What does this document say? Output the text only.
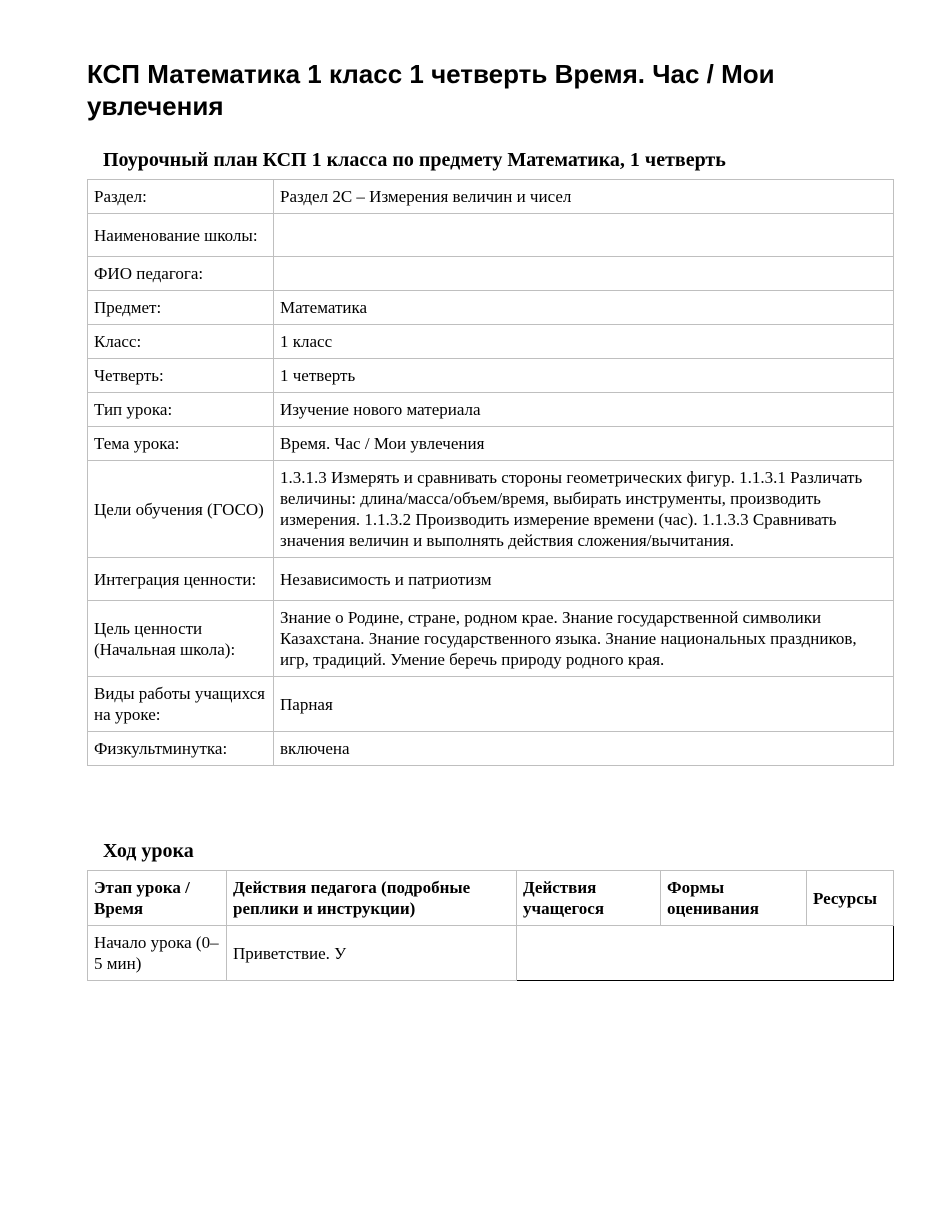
КСП Математика 1 класс 1 четверть Время. Час / Мои увлечения
Поурочный план КСП 1 класса по предмету Математика, 1 четверть
Раздел:	Раздел 2С – Измерения величин и чисел
Наименование школы:	
ФИО педагога:	
Предмет:	Математика
Класс:	1 класс
Четверть:	1 четверть
Тип урока:	Изучение нового материала
Тема урока:	Время. Час / Мои увлечения
Цели обучения (ГОСО)	1.3.1.3 Измерять и сравнивать стороны геометрических фигур. 1.1.3.1 Различать величины: длина/масса/объем/время, выбирать инструменты, производить измерения. 1.1.3.2 Производить измерение времени (час). 1.1.3.3 Сравнивать значения величин и выполнять действия сложения/вычитания.
Интеграция ценности:	Независимость и патриотизм
Цель ценности (Начальная школа):	Знание о Родине, стране, родном крае. Знание государственной символики Казахстана. Знание государственного языка. Знание национальных праздников, игр, традиций. Умение беречь природу родного края.
Виды работы учащихся на уроке:	Парная
Физкультминутка:	включена
Ход урока
Этап урока / Время	Действия педагога (подробные реплики и инструкции)	Действия учащегося	Формы оценивания	Ресурсы
Начало урока (0–5 мин)	Приветствие. У			
